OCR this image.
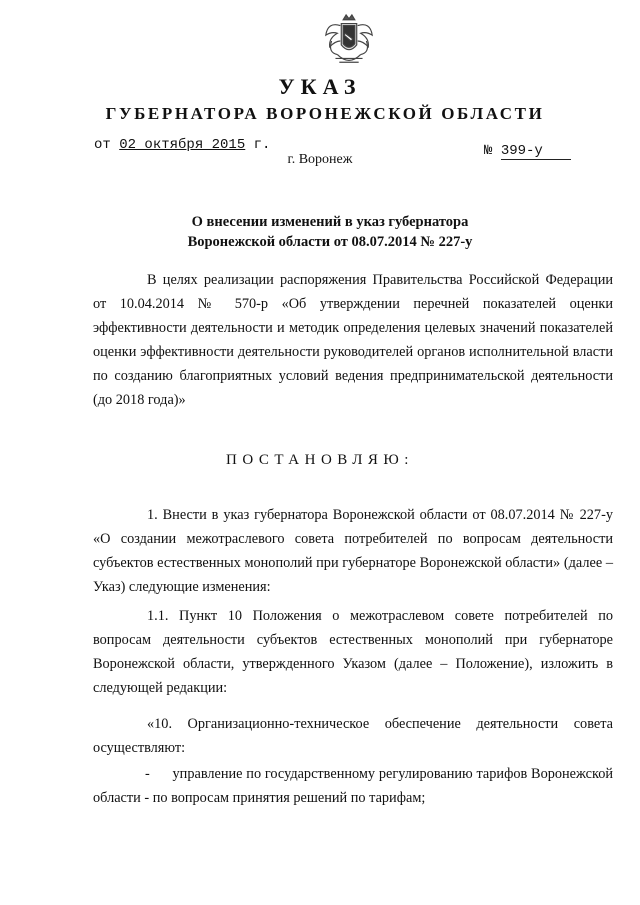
УКАЗ
ГУБЕРНАТОРА ВОРОНЕЖСКОЙ ОБЛАСТИ
от 02 октября 2015 г.	№ 399-у
г. Воронеж
О внесении изменений в указ губернатора
Воронежской области от 08.07.2014 № 227-у
В целях реализации распоряжения Правительства Российской Федерации от 10.04.2014 № 570-р «Об утверждении перечней показателей оценки эффективности деятельности и методик определения целевых значений показателей оценки эффективности деятельности руководителей органов исполнительной власти по созданию благоприятных условий ведения предпринимательской деятельности (до 2018 года)»
ПОСТАНОВЛЯЮ:
1. Внести в указ губернатора Воронежской области от 08.07.2014 № 227-у «О создании межотраслевого совета потребителей по вопросам деятельности субъектов естественных монополий при губернаторе Воронежской области» (далее – Указ) следующие изменения:
1.1. Пункт 10 Положения о межотраслевом совете потребителей по вопросам деятельности субъектов естественных монополий при губернаторе Воронежской области, утвержденного Указом (далее – Положение), изложить в следующей редакции:
«10. Организационно-техническое обеспечение деятельности совета осуществляют:
-      управление по государственному регулированию тарифов Воронежской области - по вопросам принятия решений по тарифам;
